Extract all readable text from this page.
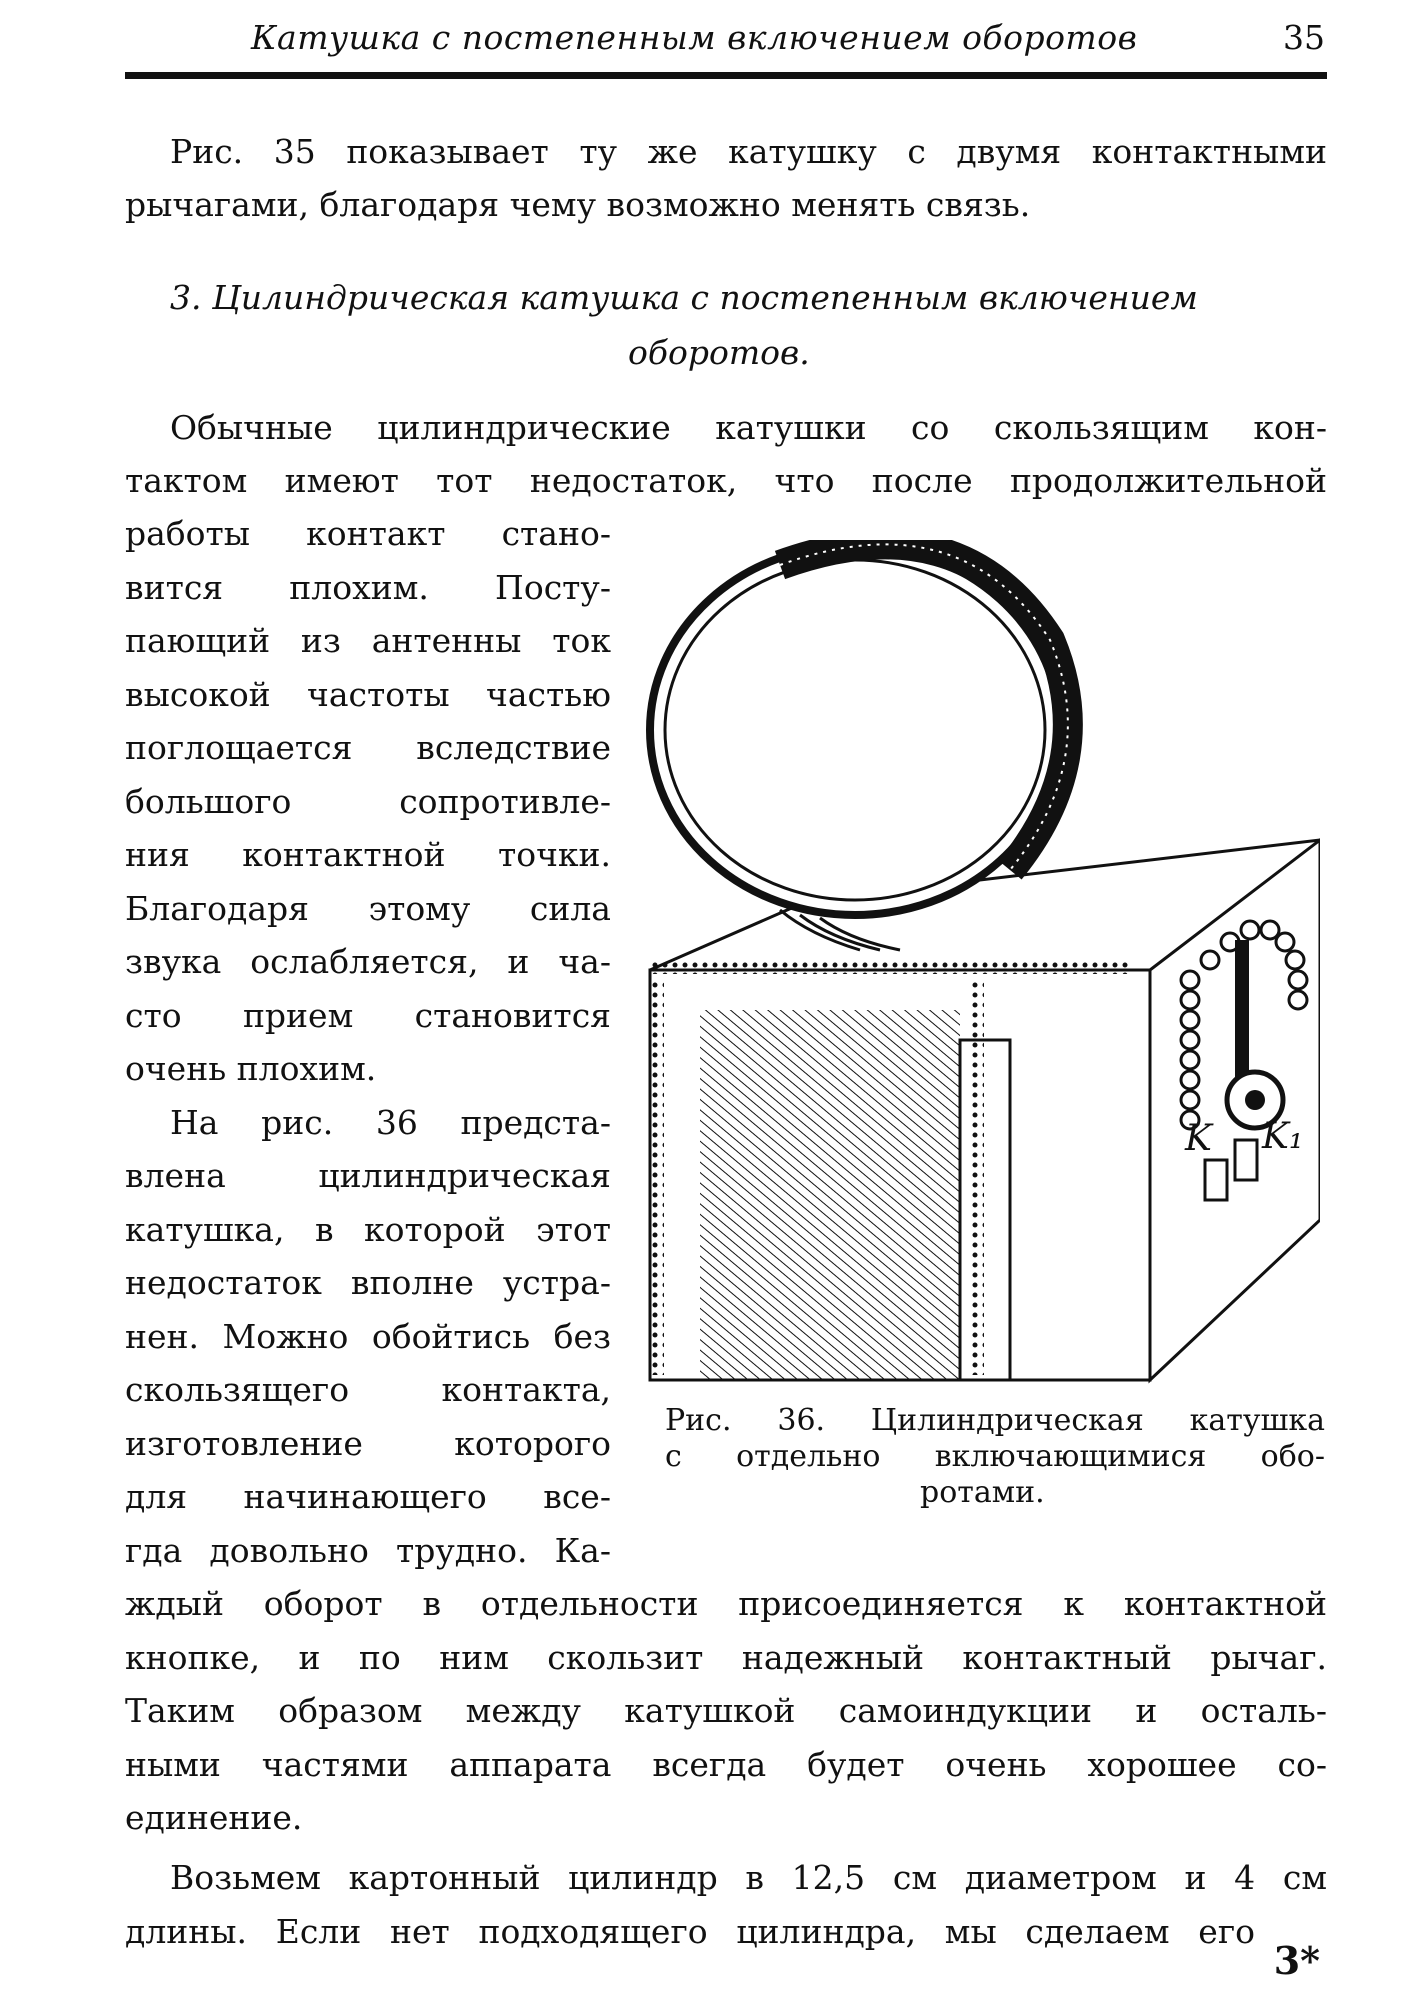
Катушка с постепенным включением оборотов	35
Рис. 35 показывает ту же катушку с двумя контактными
рычагами, благодаря чему возможно менять связь.
3. Цилиндрическая катушка с постепенным включением
оборотов.
Обычные цилиндрические катушки со скользящим кон-
тактом имеют тот недостаток, что после продолжительной
работы контакт стано-
вится плохим. Посту-
пающий из антенны ток
высокой частоты частью
поглощается вследствие
большого сопротивле-
ния контактной точки.
Благодаря этому сила
звука ослабляется, и ча-
сто прием становится
очень плохим.
На рис. 36 предста-
влена цилиндрическая
катушка, в которой этот
недостаток вполне устра-
нен. Можно обойтись без
скользящего контакта,
изготовление которого
для начинающего все-
гда довольно трудно. Ка-
K K₁
Рис. 36. Цилиндрическая катушка
с отдельно включающимися обо-
ротами.
ждый оборот в отдельности присоединяется к контактной
кнопке, и по ним скользит надежный контактный рычаг.
Таким образом между катушкой самоиндукции и осталь-
ными частями аппарата всегда будет очень хорошее со-
единение.
Возьмем картонный цилиндр в 12,5 см диаметром и 4 см
длины. Если нет подходящего цилиндра, мы сделаем его
3*
